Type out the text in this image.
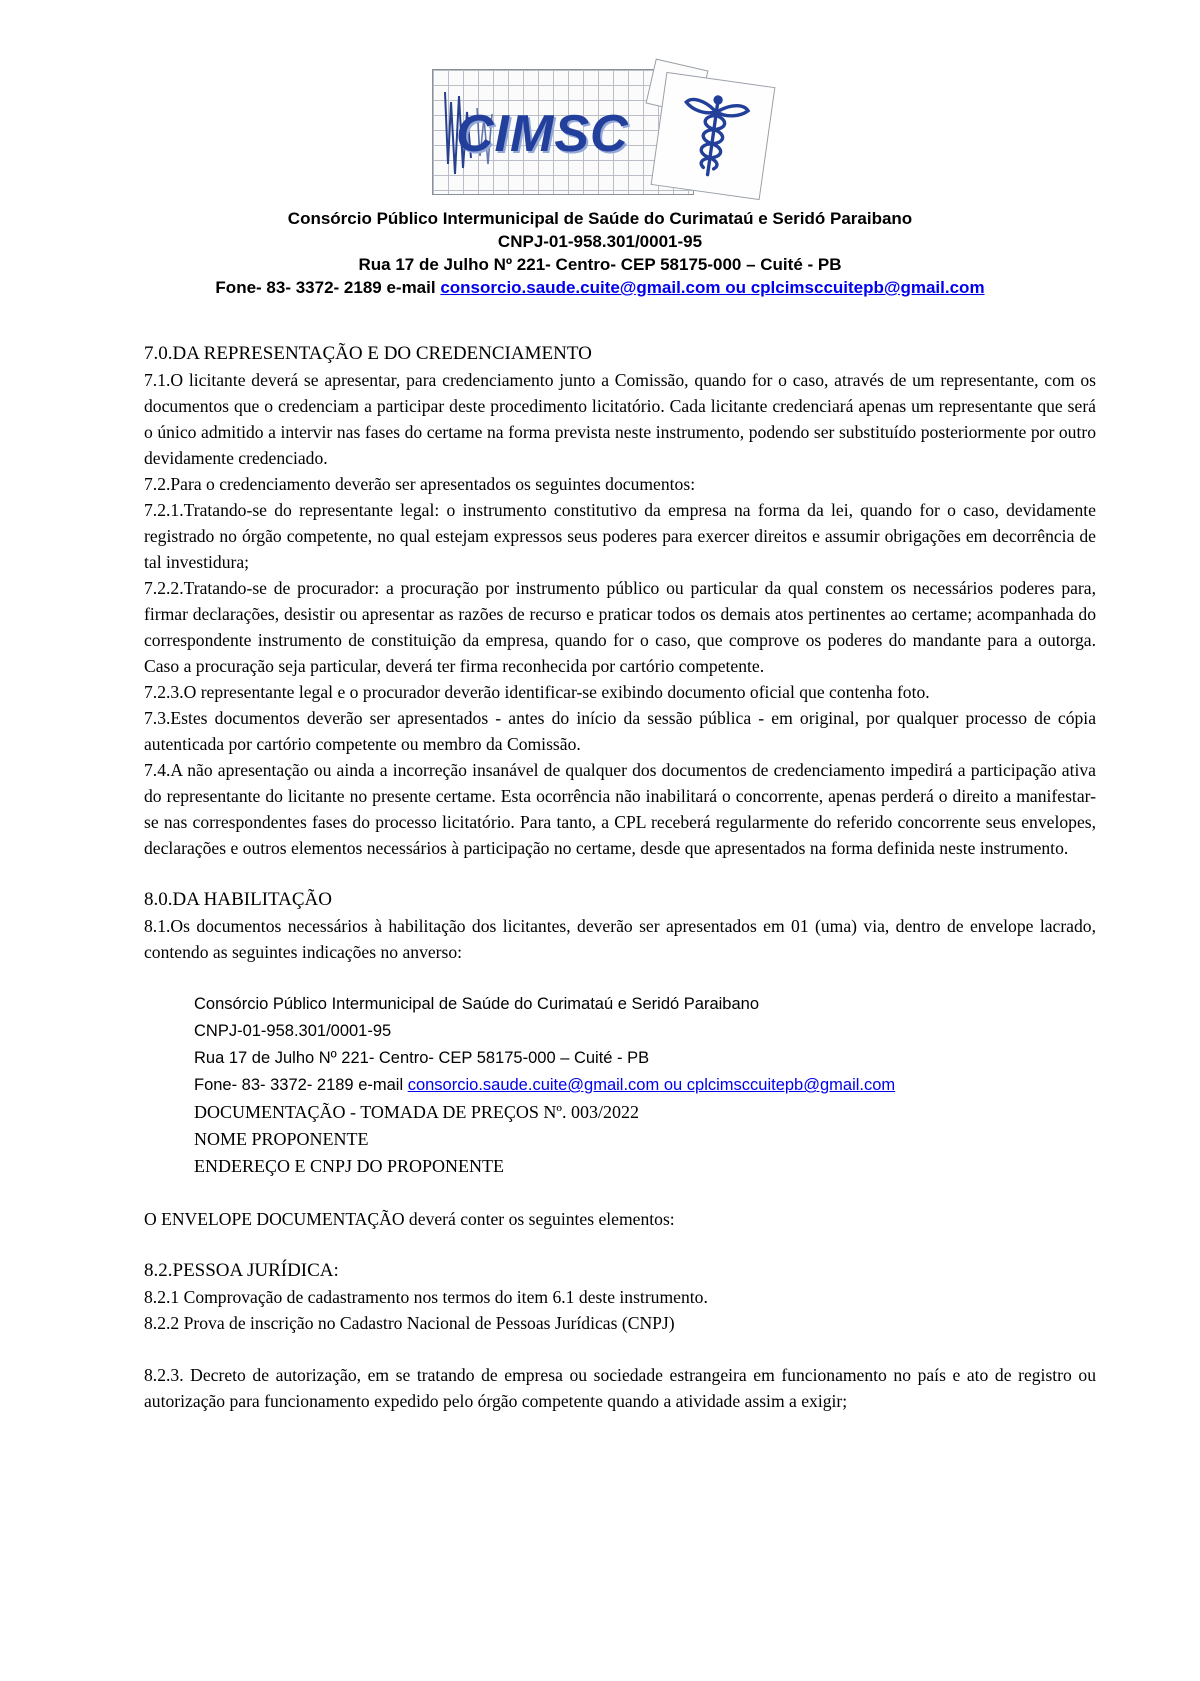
CIMSC
Consórcio Público Intermunicipal de Saúde do Curimataú e Seridó Paraibano
CNPJ-01-958.301/0001-95
Rua 17 de Julho Nº 221- Centro- CEP 58175-000 – Cuité - PB
Fone- 83- 3372- 2189 e-mail consorcio.saude.cuite@gmail.com ou cplcimsccuitepb@gmail.com

7.0.DA REPRESENTAÇÃO E DO CREDENCIAMENTO

7.1.O licitante deverá se apresentar, para credenciamento junto a Comissão, quando for o caso, através de um representante, com os documentos que o credenciam a participar deste procedimento licitatório. Cada licitante credenciará apenas um representante que será o único admitido a intervir nas fases do certame na forma prevista neste instrumento, podendo ser substituído posteriormente por outro devidamente credenciado.

7.2.Para o credenciamento deverão ser apresentados os seguintes documentos:

7.2.1.Tratando-se do representante legal: o instrumento constitutivo da empresa na forma da lei, quando for o caso, devidamente registrado no órgão competente, no qual estejam expressos seus poderes para exercer direitos e assumir obrigações em decorrência de tal investidura;

7.2.2.Tratando-se de procurador: a procuração por instrumento público ou particular da qual constem os necessários poderes para, firmar declarações, desistir ou apresentar as razões de recurso e praticar todos os demais atos pertinentes ao certame; acompanhada do correspondente instrumento de constituição da empresa, quando for o caso, que comprove os poderes do mandante para a outorga. Caso a procuração seja particular, deverá ter firma reconhecida por cartório competente.

7.2.3.O representante legal e o procurador deverão identificar-se exibindo documento oficial que contenha foto.

7.3.Estes documentos deverão ser apresentados - antes do início da sessão pública - em original, por qualquer processo de cópia autenticada por cartório competente ou membro da Comissão.

7.4.A não apresentação ou ainda a incorreção insanável de qualquer dos documentos de credenciamento impedirá a participação ativa do representante do licitante no presente certame. Esta ocorrência não inabilitará o concorrente, apenas perderá o direito a manifestar-se nas correspondentes fases do processo licitatório. Para tanto, a CPL receberá regularmente do referido concorrente seus envelopes, declarações e outros elementos necessários à participação no certame, desde que apresentados na forma definida neste instrumento.

8.0.DA HABILITAÇÃO

8.1.Os documentos necessários à habilitação dos licitantes, deverão ser apresentados em 01 (uma) via, dentro de envelope lacrado, contendo as seguintes indicações no anverso:

Consórcio Público Intermunicipal de Saúde do Curimataú e Seridó Paraibano
CNPJ-01-958.301/0001-95
Rua 17 de Julho Nº 221- Centro- CEP 58175-000 – Cuité - PB
Fone- 83- 3372- 2189 e-mail consorcio.saude.cuite@gmail.com ou cplcimsccuitepb@gmail.com
DOCUMENTAÇÃO - TOMADA DE PREÇOS Nº. 003/2022
NOME PROPONENTE
ENDEREÇO E CNPJ DO PROPONENTE

O ENVELOPE DOCUMENTAÇÃO deverá conter os seguintes elementos:

8.2.PESSOA JURÍDICA:

8.2.1 Comprovação de cadastramento nos termos do item 6.1 deste instrumento.

8.2.2 Prova de inscrição no Cadastro Nacional de Pessoas Jurídicas (CNPJ)

8.2.3. Decreto de autorização, em se tratando de empresa ou sociedade estrangeira em funcionamento no país e ato de registro ou autorização para funcionamento expedido pelo órgão competente quando a atividade assim a exigir;
